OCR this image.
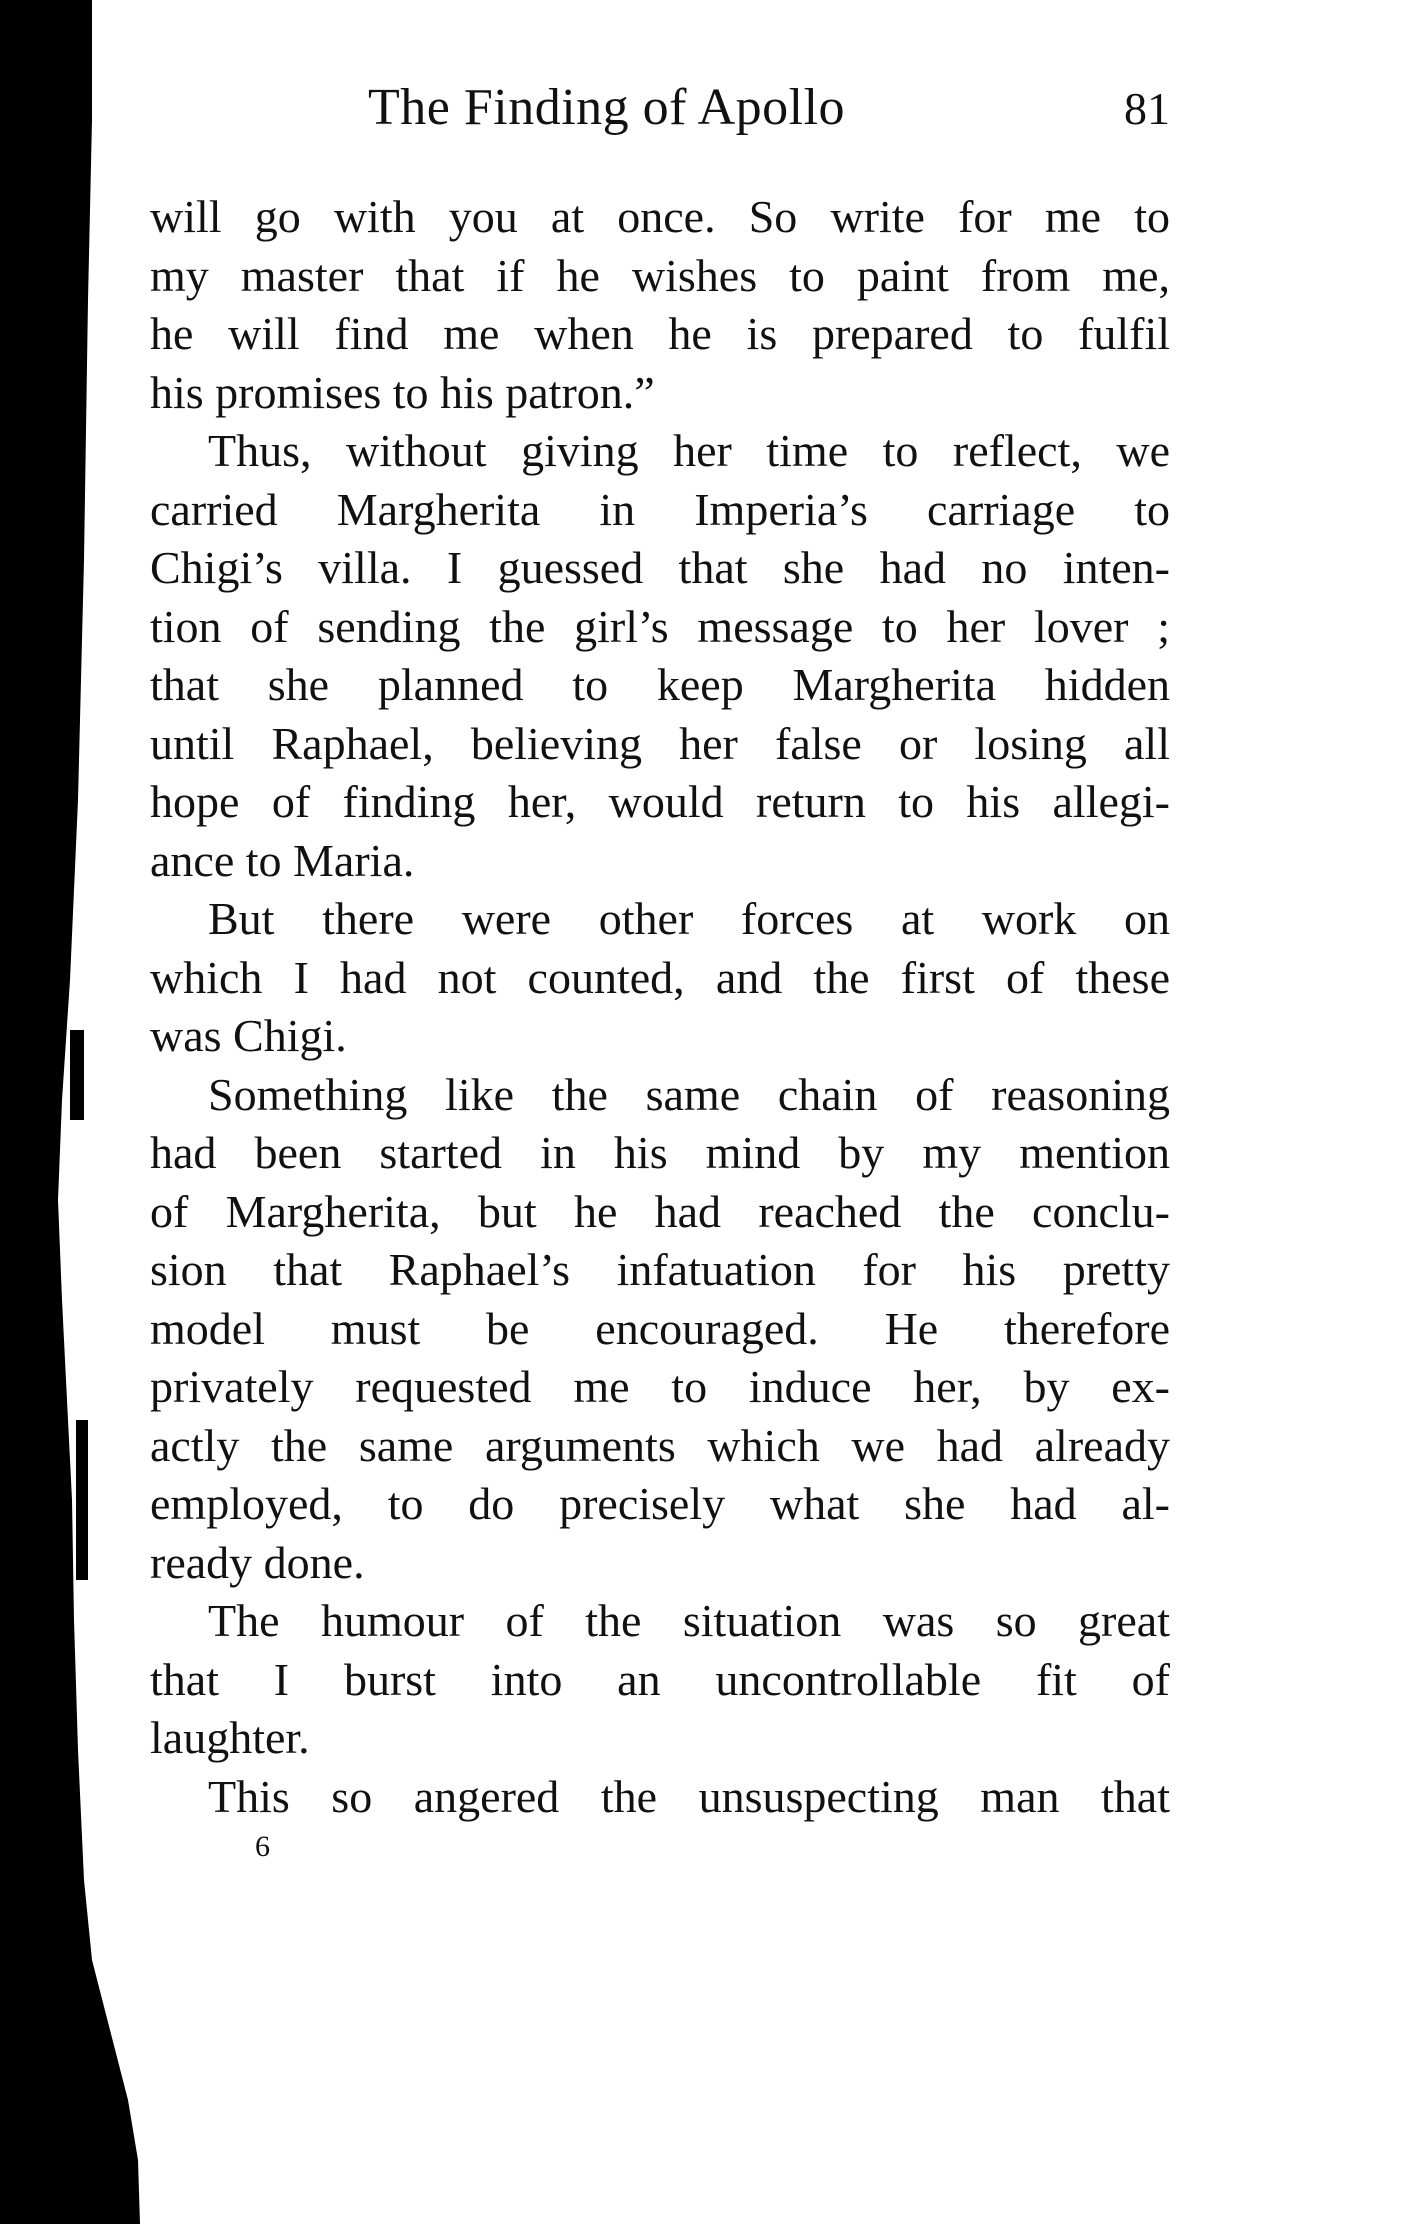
The Finding of Apollo	81
will go with you at once. So write for me to
my master that if he wishes to paint from me,
he will find me when he is prepared to fulfil
his promises to his patron.”
Thus, without giving her time to reflect, we
carried Margherita in Imperia’s carriage to
Chigi’s villa. I guessed that she had no inten-
tion of sending the girl’s message to her lover ;
that she planned to keep Margherita hidden
until Raphael, believing her false or losing all
hope of finding her, would return to his allegi-
ance to Maria.
But there were other forces at work on
which I had not counted, and the first of these
was Chigi.
Something like the same chain of reasoning
had been started in his mind by my mention
of Margherita, but he had reached the conclu-
sion that Raphael’s infatuation for his pretty
model must be encouraged. He therefore
privately requested me to induce her, by ex-
actly the same arguments which we had already
employed, to do precisely what she had al-
ready done.
The humour of the situation was so great
that I burst into an uncontrollable fit of
laughter.
This so angered the unsuspecting man that
6
